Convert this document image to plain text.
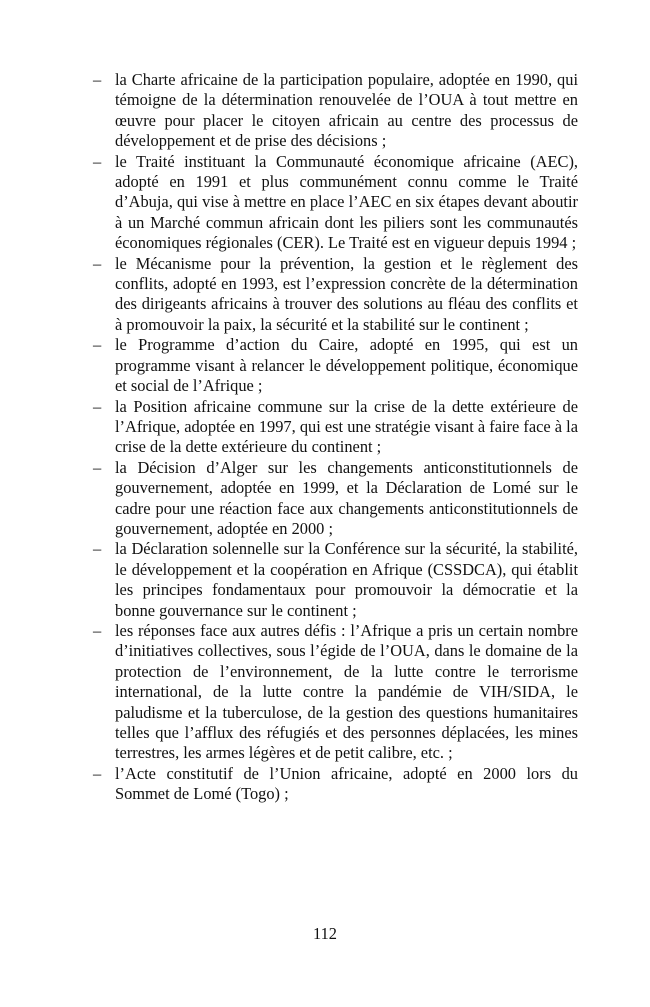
– la Charte africaine de la participation populaire, adoptée en 1990, qui témoigne de la détermination renouvelée de l’OUA à tout mettre en œuvre pour placer le citoyen africain au centre des processus de développement et de prise des décisions ;
– le Traité instituant la Communauté économique africaine (AEC), adopté en 1991 et plus communément connu comme le Traité d’Abuja, qui vise à mettre en place l’AEC en six étapes devant aboutir à un Marché commun africain dont les piliers sont les communautés économiques régionales (CER). Le Traité est en vigueur depuis 1994 ;
– le Mécanisme pour la prévention, la gestion et le règlement des conflits, adopté en 1993, est l’expression concrète de la détermination des dirigeants africains à trouver des solutions au fléau des conflits et à promouvoir la paix, la sécurité et la stabilité sur le continent ;
– le Programme d’action du Caire, adopté en 1995, qui est un programme visant à relancer le développement politique, économique et social de l’Afrique ;
– la Position africaine commune sur la crise de la dette extérieure de l’Afrique, adoptée en 1997, qui est une stratégie visant à faire face à la crise de la dette extérieure du continent ;
– la Décision d’Alger sur les changements anticonstitutionnels de gouvernement, adoptée en 1999, et la Déclaration de Lomé sur le cadre pour une réaction face aux changements anticonstitutionnels de gouvernement, adoptée en 2000 ;
– la Déclaration solennelle sur la Conférence sur la sécurité, la stabilité, le développement et la coopération en Afrique (CSSDCA), qui établit les principes fondamentaux pour promouvoir la démocratie et la bonne gouvernance sur le continent ;
– les réponses face aux autres défis : l’Afrique a pris un certain nombre d’initiatives collectives, sous l’égide de l’OUA, dans le domaine de la protection de l’environnement, de la lutte contre le terrorisme international, de la lutte contre la pandémie de VIH/SIDA, le paludisme et la tuberculose, de la gestion des questions humanitaires telles que l’afflux des réfugiés et des personnes déplacées, les mines terrestres, les armes légères et de petit calibre, etc. ;
– l’Acte constitutif de l’Union africaine, adopté en 2000 lors du Sommet de Lomé (Togo) ;
112
